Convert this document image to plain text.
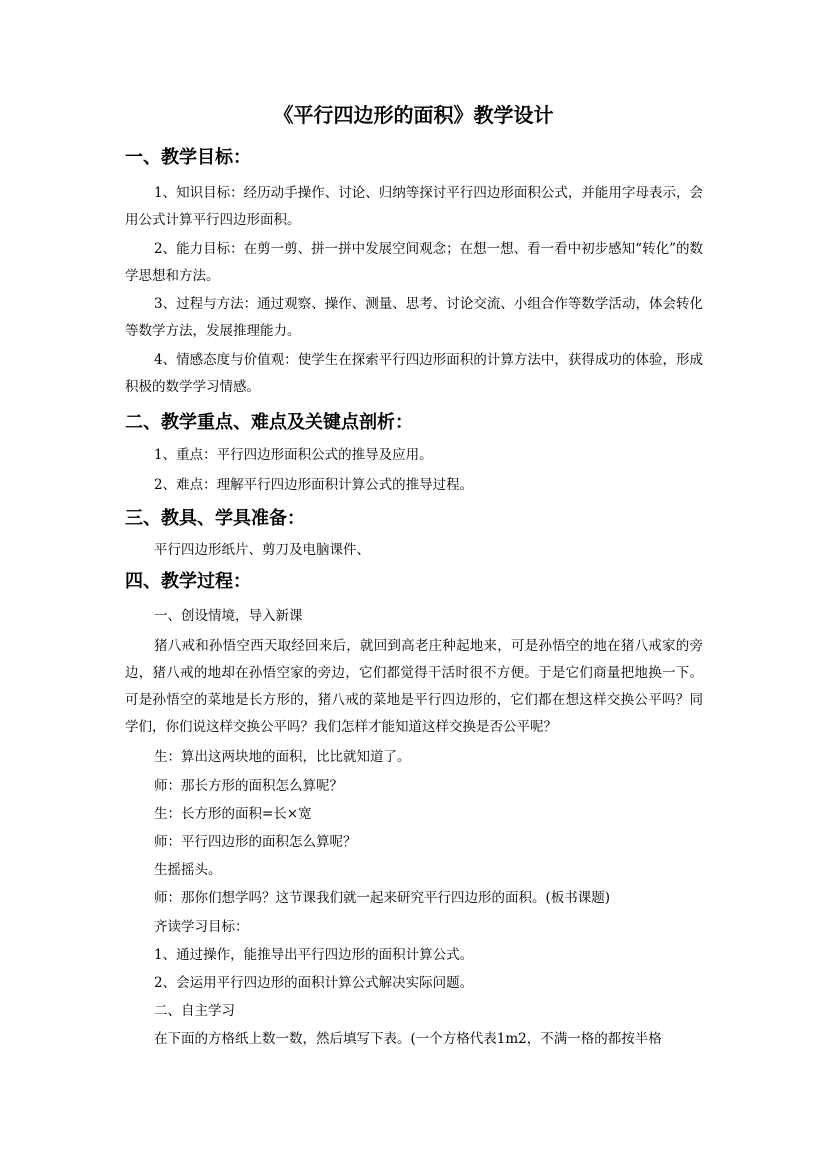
《平行四边形的面积》教学设计
一、教学目标：
1、知识目标：经历动手操作、讨论、归纳等探讨平行四边形面积公式，并能用字母表示，会用公式计算平行四边形面积。
2、能力目标：在剪一剪、拼一拼中发展空间观念；在想一想、看一看中初步感知“转化”的数学思想和方法。
3、过程与方法：通过观察、操作、测量、思考、讨论交流、小组合作等数学活动，体会转化等数学方法，发展推理能力。
4、情感态度与价值观：使学生在探索平行四边形面积的计算方法中，获得成功的体验，形成积极的数学学习情感。
二、教学重点、难点及关键点剖析：
1、重点：平行四边形面积公式的推导及应用。
2、难点：理解平行四边形面积计算公式的推导过程。
三、教具、学具准备：
平行四边形纸片、剪刀及电脑课件、
四、教学过程：
一、创设情境，导入新课
猪八戒和孙悟空西天取经回来后，就回到高老庄种起地来，可是孙悟空的地在猪八戒家的旁边，猪八戒的地却在孙悟空家的旁边，它们都觉得干活时很不方便。于是它们商量把地换一下。可是孙悟空的菜地是长方形的，猪八戒的菜地是平行四边形的，它们都在想这样交换公平吗？同学们，你们说这样交换公平吗？我们怎样才能知道这样交换是否公平呢？
生：算出这两块地的面积，比比就知道了。
师：那长方形的面积怎么算呢？
生：长方形的面积=长×宽
师：平行四边形的面积怎么算呢？
生摇摇头。
师：那你们想学吗？这节课我们就一起来研究平行四边形的面积。(板书课题)
齐读学习目标：
1、通过操作，能推导出平行四边形的面积计算公式。
2、会运用平行四边形的面积计算公式解决实际问题。
二、自主学习
在下面的方格纸上数一数，然后填写下表。(一个方格代表1m2，不满一格的都按半格
